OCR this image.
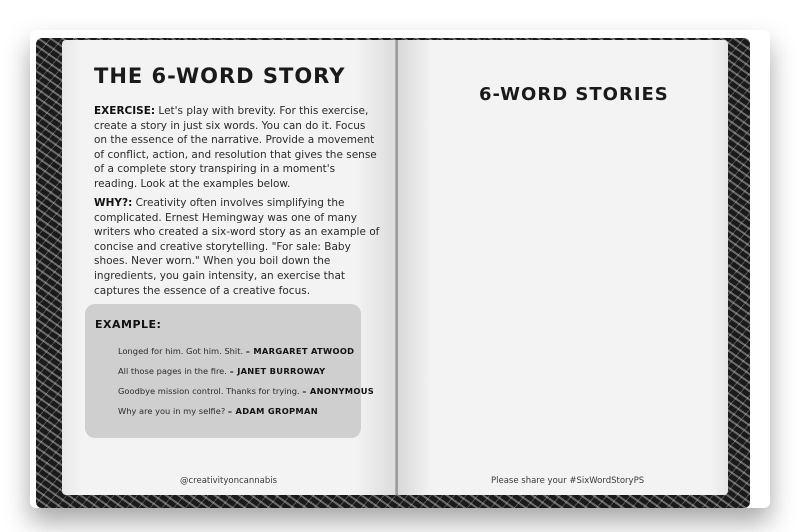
THE 6-WORD STORY
EXERCISE: Let's play with brevity. For this exercise, create a story in just six words. You can do it. Focus on the essence of the narrative. Provide a movement of conflict, action, and resolution that gives the sense of a complete story transpiring in a moment's reading. Look at the examples below.
WHY?: Creativity often involves simplifying the complicated. Ernest Hemingway was one of many writers who created a six-word story as an example of concise and creative storytelling. "For sale: Baby shoes. Never worn." When you boil down the ingredients, you gain intensity, an exercise that captures the essence of a creative focus.
EXAMPLE:
Longed for him. Got him. Shit. – MARGARET ATWOOD
All those pages in the fire. – JANET BURROWAY
Goodbye mission control. Thanks for trying. – ANONYMOUS
Why are you in my selfie? – ADAM GROPMAN
@creativityoncannabis
6-WORD STORIES
Please share your #SixWordStoryPS
